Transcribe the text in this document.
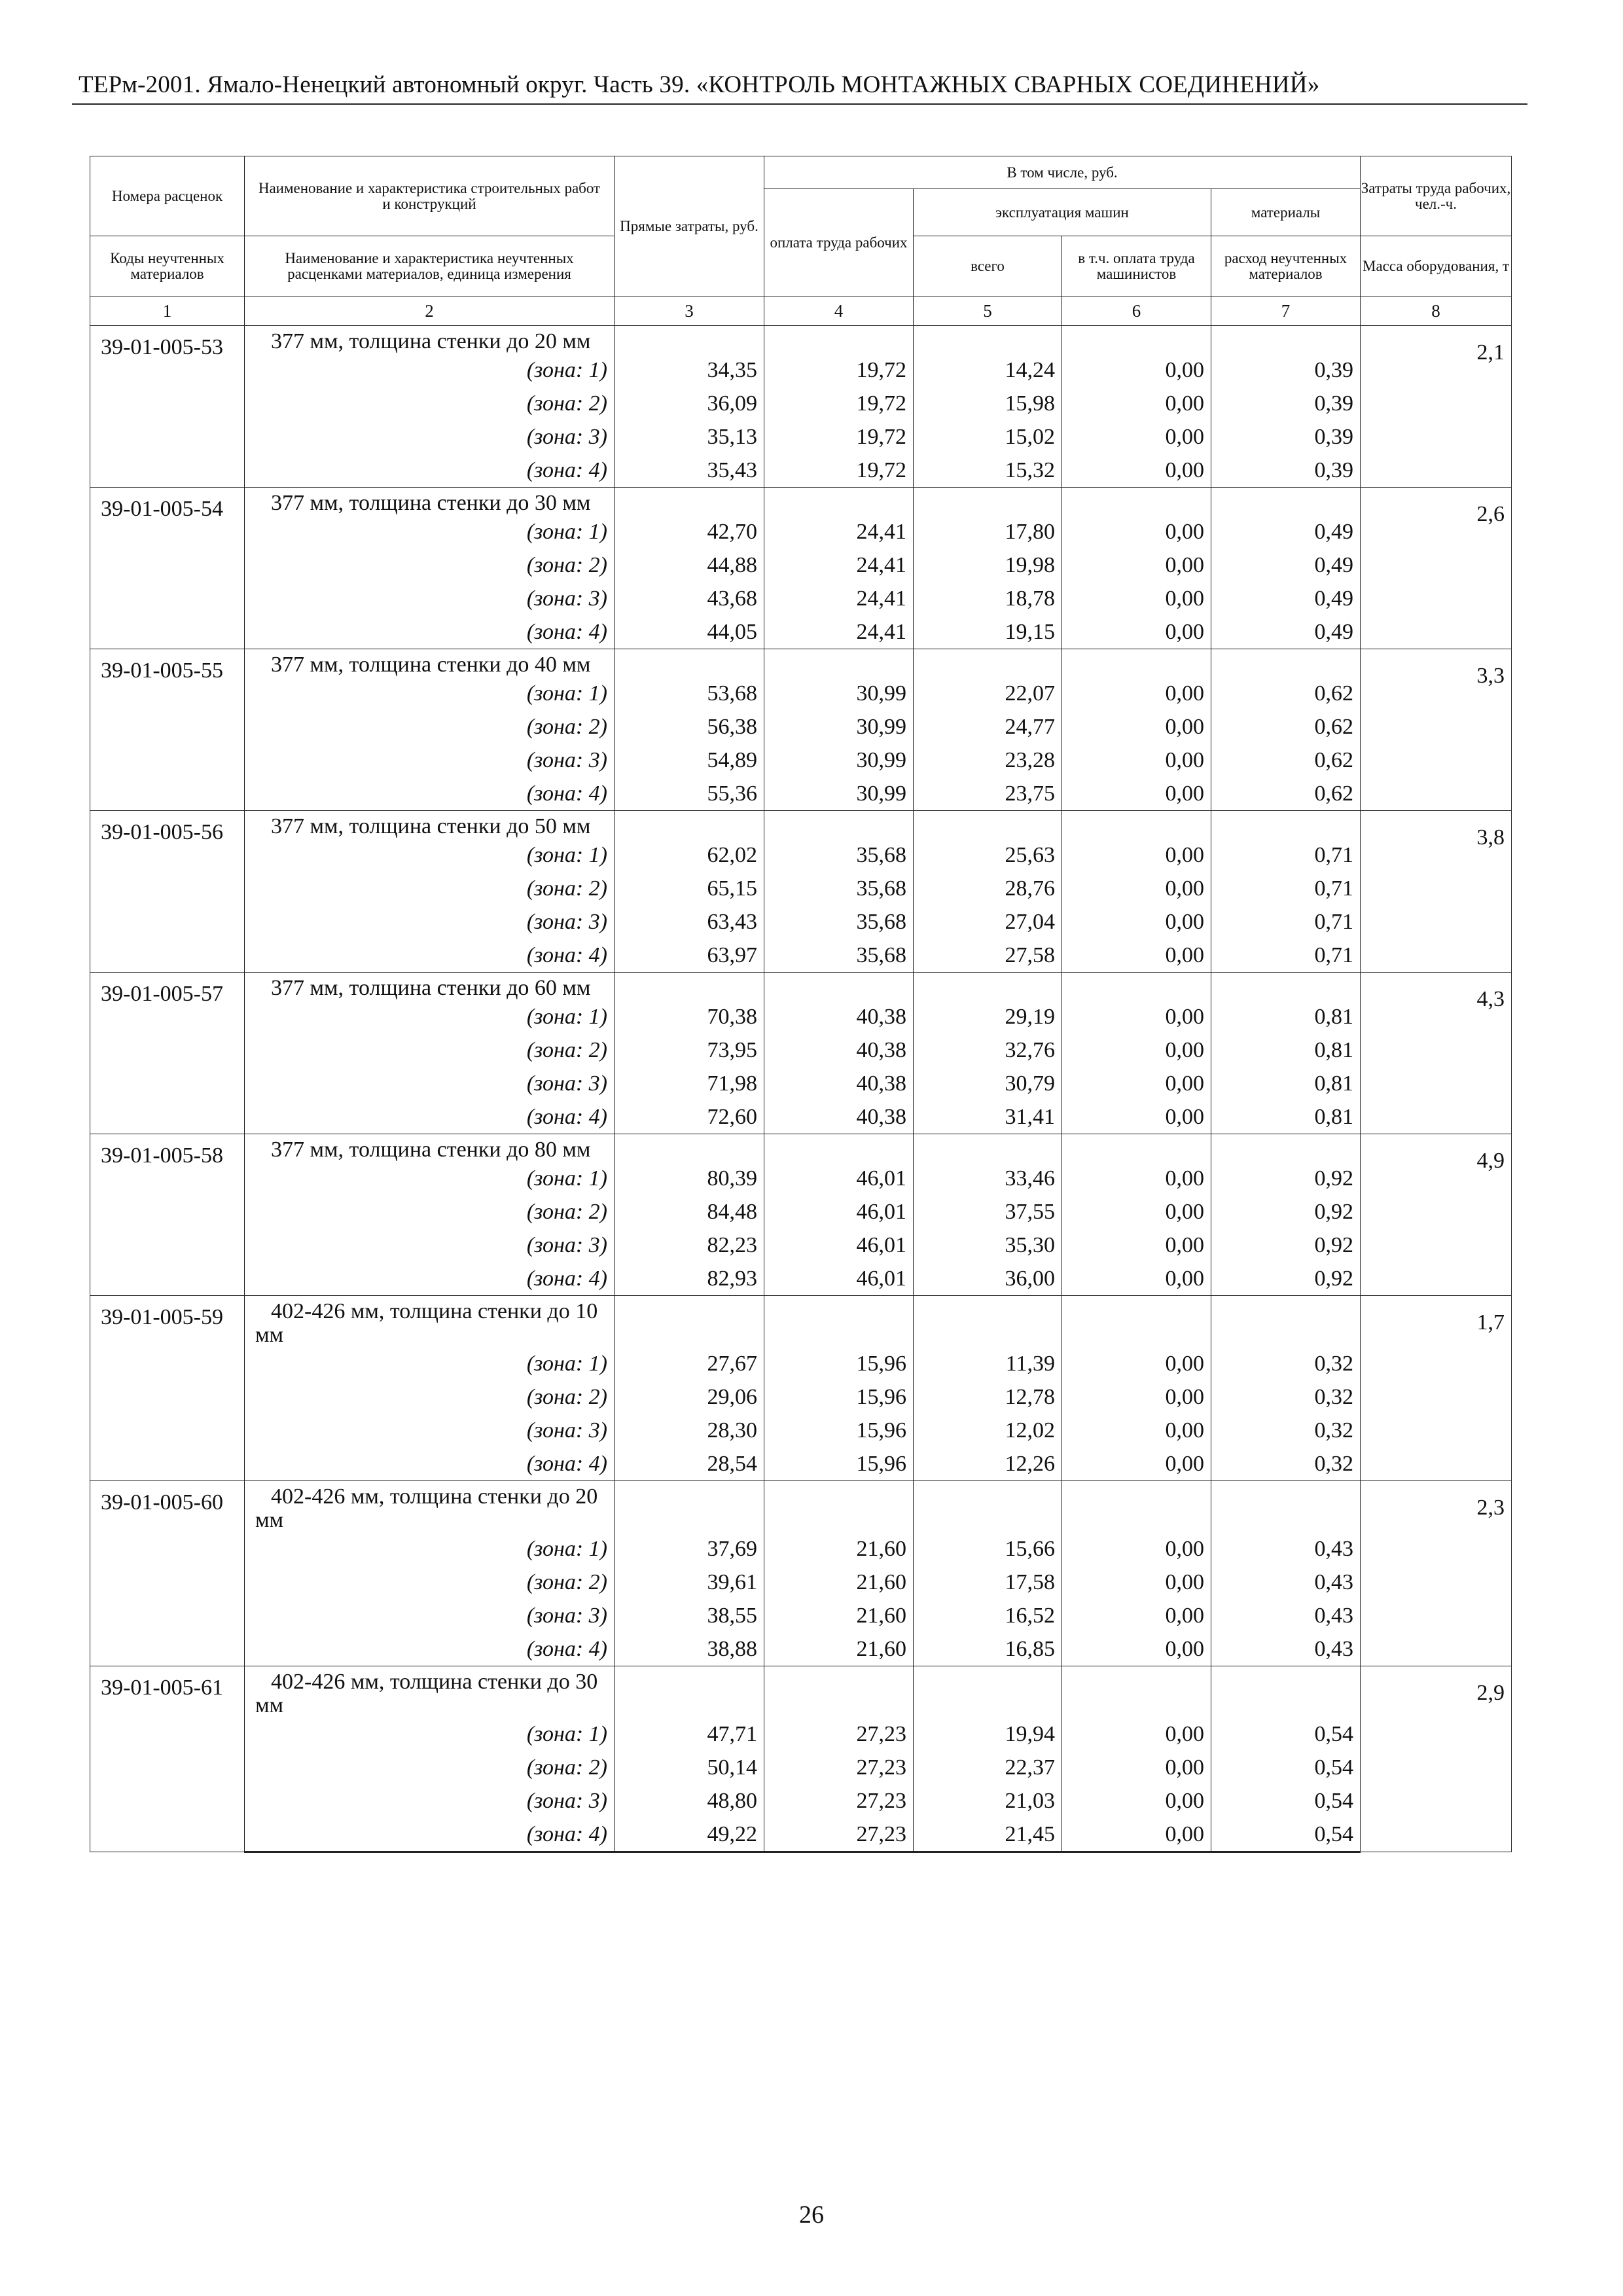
ТЕРм-2001. Ямало-Ненецкий автономный округ. Часть 39. «КОНТРОЛЬ МОНТАЖНЫХ СВАРНЫХ СОЕДИНЕНИЙ»
Номера расценок	Наименование и характеристика строительных работ и конструкций	Прямые затраты, руб.	В том числе, руб.				Затраты труда рабочих, чел.-ч.
			оплата труда рабочих	эксплуатация машин		материалы	
Коды неучтенных материалов	Наименование и характеристика неучтенных расценками материалов, единица измерения			всего	в т.ч. оплата труда машинистов	расход неучтенных материалов	Масса оборудования, т
1	2	3	4	5	6	7	8
39-01-005-53	377 мм, толщина стенки до 20 мм						2,1
	(зона: 1)	34,35	19,72	14,24	0,00	0,39	
	(зона: 2)	36,09	19,72	15,98	0,00	0,39	
	(зона: 3)	35,13	19,72	15,02	0,00	0,39	
	(зона: 4)	35,43	19,72	15,32	0,00	0,39	
39-01-005-54	377 мм, толщина стенки до 30 мм						2,6
	(зона: 1)	42,70	24,41	17,80	0,00	0,49	
	(зона: 2)	44,88	24,41	19,98	0,00	0,49	
	(зона: 3)	43,68	24,41	18,78	0,00	0,49	
	(зона: 4)	44,05	24,41	19,15	0,00	0,49	
39-01-005-55	377 мм, толщина стенки до 40 мм						3,3
	(зона: 1)	53,68	30,99	22,07	0,00	0,62	
	(зона: 2)	56,38	30,99	24,77	0,00	0,62	
	(зона: 3)	54,89	30,99	23,28	0,00	0,62	
	(зона: 4)	55,36	30,99	23,75	0,00	0,62	
39-01-005-56	377 мм, толщина стенки до 50 мм						3,8
	(зона: 1)	62,02	35,68	25,63	0,00	0,71	
	(зона: 2)	65,15	35,68	28,76	0,00	0,71	
	(зона: 3)	63,43	35,68	27,04	0,00	0,71	
	(зона: 4)	63,97	35,68	27,58	0,00	0,71	
39-01-005-57	377 мм, толщина стенки до 60 мм						4,3
	(зона: 1)	70,38	40,38	29,19	0,00	0,81	
	(зона: 2)	73,95	40,38	32,76	0,00	0,81	
	(зона: 3)	71,98	40,38	30,79	0,00	0,81	
	(зона: 4)	72,60	40,38	31,41	0,00	0,81	
39-01-005-58	377 мм, толщина стенки до 80 мм						4,9
	(зона: 1)	80,39	46,01	33,46	0,00	0,92	
	(зона: 2)	84,48	46,01	37,55	0,00	0,92	
	(зона: 3)	82,23	46,01	35,30	0,00	0,92	
	(зона: 4)	82,93	46,01	36,00	0,00	0,92	
39-01-005-59	402-426 мм, толщина стенки до 10 мм						1,7
	(зона: 1)	27,67	15,96	11,39	0,00	0,32	
	(зона: 2)	29,06	15,96	12,78	0,00	0,32	
	(зона: 3)	28,30	15,96	12,02	0,00	0,32	
	(зона: 4)	28,54	15,96	12,26	0,00	0,32	
39-01-005-60	402-426 мм, толщина стенки до 20 мм						2,3
	(зона: 1)	37,69	21,60	15,66	0,00	0,43	
	(зона: 2)	39,61	21,60	17,58	0,00	0,43	
	(зона: 3)	38,55	21,60	16,52	0,00	0,43	
	(зона: 4)	38,88	21,60	16,85	0,00	0,43	
39-01-005-61	402-426 мм, толщина стенки до 30 мм						2,9
	(зона: 1)	47,71	27,23	19,94	0,00	0,54	
	(зона: 2)	50,14	27,23	22,37	0,00	0,54	
	(зона: 3)	48,80	27,23	21,03	0,00	0,54	
	(зона: 4)	49,22	27,23	21,45	0,00	0,54	
26
